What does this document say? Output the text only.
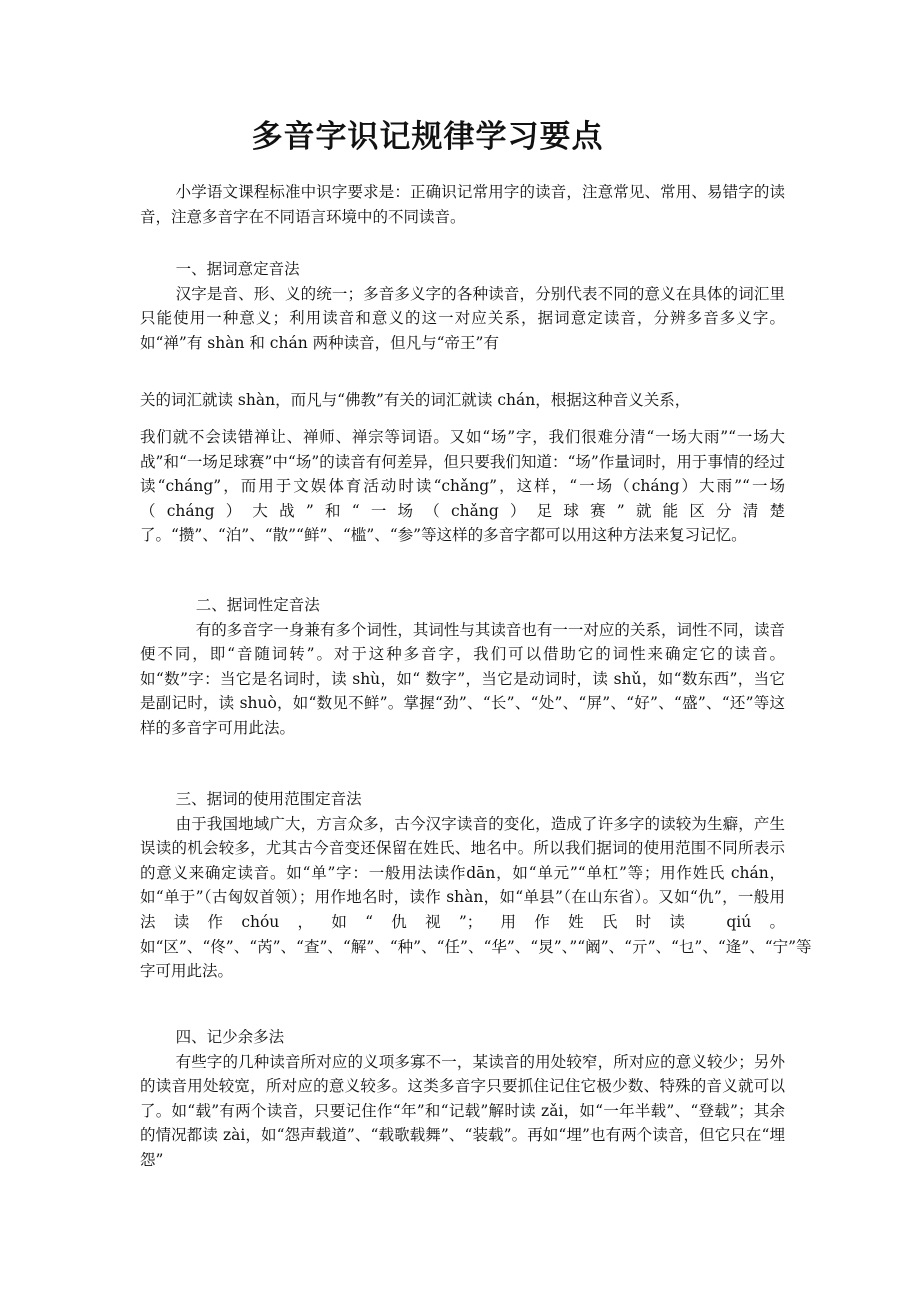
多音字识记规律学习要点

小学语文课程标准中识字要求是：正确识记常用字的读音，注意常见、常用、易错字的读音，注意多音字在不同语言环境中的不同读音。

一、据词意定音法

汉字是音、形、义的统一；多音多义字的各种读音，分别代表不同的意义在具体的词汇里只能使用一种意义；利用读音和意义的这一对应关系，据词意定读音，分辨多音多义字。如“禅”有 shàn 和 chán 两种读音，但凡与“帝王”有

关的词汇就读 shàn，而凡与“佛教”有关的词汇就读 chán，根据这种音义关系，

我们就不会读错禅让、禅师、禅宗等词语。又如“场”字，我们很难分清“一场大雨”“一场大战”和“一场足球赛”中“场”的读音有何差异，但只要我们知道：“场”作量词时，用于事情的经过读“cháng”，而用于文娱体育活动时读“chǎng”，这样，“一场（cháng）大雨”“一场（cháng）大战”和“一场（chǎng）足球赛”就能区分清楚了。“攒”、“泊”、“散”“鲜”、“槛”、“参”等这样的多音字都可以用这种方法来复习记忆。

二、据词性定音法

有的多音字一身兼有多个词性，其词性与其读音也有一一对应的关系，词性不同，读音便不同，即“音随词转”。对于这种多音字，我们可以借助它的词性来确定它的读音。如“数”字：当它是名词时，读 shù，如“ 数字”，当它是动词时，读 shǔ，如“数东西”，当它是副记时，读 shuò，如“数见不鲜”。掌握“劲”、“长”、“处”、“屏”、“好”、“盛”、“还”等这样的多音字可用此法。

三、据词的使用范围定音法

由于我国地域广大，方言众多，古今汉字读音的变化，造成了许多字的读较为生癖，产生误读的机会较多，尤其古今音变还保留在姓氏、地名中。所以我们据词的使用范围不同所表示的意义来确定读音。如“单”字：一般用法读作dān，如“单元”“单杠”等；用作姓氏 chán，如“单于”（古匈奴首领）；用作地名时，读作 shàn，如“单县”（在山东省）。又如“仇”，一般用法读作chóu，如“仇视”；用作姓氏时读 qiú。如“区”、“佟”、“芮”、“查”、“解”、“种”、“任”、“华”、“炅”、”“阚”、“亓”、“乜”、“逄”、“宁”等字可用此法。

四、记少余多法

有些字的几种读音所对应的义项多寡不一，某读音的用处较窄，所对应的意义较少；另外的读音用处较宽，所对应的意义较多。这类多音字只要抓住记住它极少数、特殊的音义就可以了。如“载”有两个读音，只要记住作“年”和“记载”解时读 zǎi，如“一年半载”、“登载”；其余的情况都读 zài，如“怨声载道”、“载歌载舞”、“装载”。再如“埋”也有两个读音，但它只在“埋怨”
